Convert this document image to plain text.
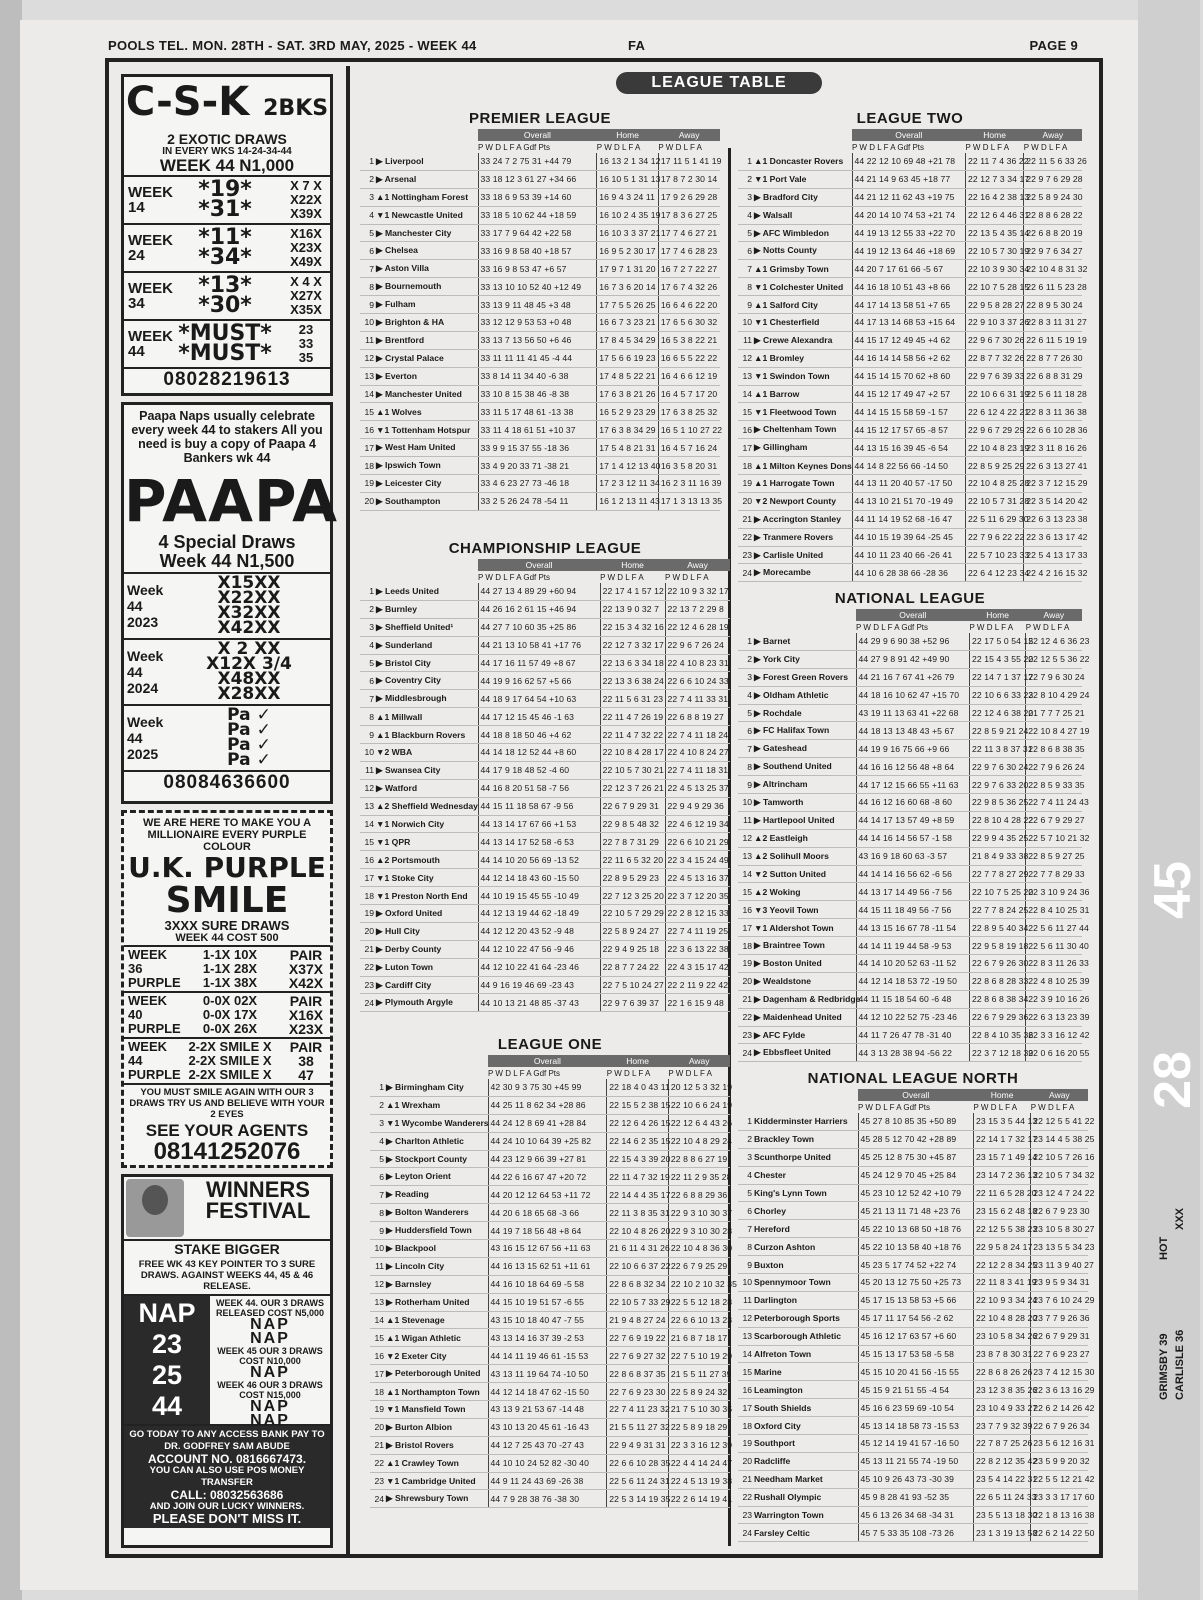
POOLS TEL. MON. 28TH - SAT. 3RD MAY, 2025 - WEEK 44	FA	PAGE 9
C-S-K 2BKS
2 EXOTIC DRAWS
IN EVERY WKS 14-24-34-44
WEEK 44 N1,000
WEEK
14
*19*
*31*
X 7 X
X22X
X39X
WEEK
24
*11*
*34*
X16X
X23X
X49X
WEEK
34
*13*
*30*
X 4 X
X27X
X35X
WEEK
44
*MUST*
*MUST*
23
33
35
08028219613
Paapa Naps usually celebrate every week 44 to stakers All you need is buy a copy of Paapa 4 Bankers wk 44
PAAPA
4 Special Draws
Week 44 N1,500
Week
44
2023
X15XX
X22XX
X32XX
X42XX
Week
44
2024
X 2 XX
X12X 3/4
X48XX
X28XX
Week
44
2025
Pa ✓
Pa ✓
Pa ✓
Pa ✓
08084636600
WE ARE HERE TO MAKE YOU A MILLIONAIRE EVERY PURPLE COLOUR
U.K. PURPLE
SMILE
3XXX SURE DRAWS
WEEK 44 COST 500
WEEK
36
PURPLE
1-1X 10X
1-1X 28X
1-1X 38X
PAIR
X37X
X42X
WEEK
40
PURPLE
0-0X 02X
0-0X 17X
0-0X 26X
PAIR
X16X
X23X
WEEK
44
PURPLE
2-2X SMILE X
2-2X SMILE X
2-2X SMILE X
PAIR
38
47
YOU MUST SMILE AGAIN WITH OUR 3 DRAWS TRY US AND BELIEVE WITH YOUR 2 EYES
SEE YOUR AGENTS
08141252076
WINNERS FESTIVAL
STAKE BIGGER
FREE WK 43 KEY POINTER TO 3 SURE DRAWS. AGAINST WEEKS 44, 45 & 46 RELEASE.
NAP
23
25
44
WEEK 44. OUR 3 DRAWS RELEASED COST N5,000
NAP
NAP
WEEK 45 OUR 3 DRAWS COST N10,000
NAP
WEEK 46 OUR 3 DRAWS COST N15,000
NAP
NAP
GO TODAY TO ANY ACCESS BANK PAY TO DR. GODFREY SAM ABUDE
ACCOUNT NO. 0816667473.
YOU CAN ALSO USE POS MONEY TRANSFER
CALL: 08032563686
AND JOIN OUR LUCKY WINNERS.
PLEASE DON'T MISS IT.
LEAGUE TABLE
PREMIER LEAGUE
		Overall	Home	Away
		P W D L F A Gdf Pts	P W D L F A	P W D L F A
1	▶ Liverpool	33 24 7 2 75 31 +44 79	16 13 2 1 34 12	17 11 5 1 41 19
2	▶ Arsenal	33 18 12 3 61 27 +34 66	16 10 5 1 31 13	17 8 7 2 30 14
3	▲1 Nottingham Forest	33 18 6 9 53 39 +14 60	16 9 4 3 24 11	17 9 2 6 29 28
4	▼1 Newcastle United	33 18 5 10 62 44 +18 59	16 10 2 4 35 19	17 8 3 6 27 25
5	▶ Manchester City	33 17 7 9 64 42 +22 58	16 10 3 3 37 21	17 7 4 6 27 21
6	▶ Chelsea	33 16 9 8 58 40 +18 57	16 9 5 2 30 17	17 7 4 6 28 23
7	▶ Aston Villa	33 16 9 8 53 47 +6 57	17 9 7 1 31 20	16 7 2 7 22 27
8	▶ Bournemouth	33 13 10 10 52 40 +12 49	16 7 3 6 20 14	17 6 7 4 32 26
9	▶ Fulham	33 13 9 11 48 45 +3 48	17 7 5 5 26 25	16 6 4 6 22 20
10	▶ Brighton & HA	33 12 12 9 53 53 +0 48	16 6 7 3 23 21	17 6 5 6 30 32
11	▶ Brentford	33 13 7 13 56 50 +6 46	17 8 4 5 34 29	16 5 3 8 22 21
12	▶ Crystal Palace	33 11 11 11 41 45 -4 44	17 5 6 6 19 23	16 6 5 5 22 22
13	▶ Everton	33 8 14 11 34 40 -6 38	17 4 8 5 22 21	16 4 6 6 12 19
14	▶ Manchester United	33 10 8 15 38 46 -8 38	17 6 3 8 21 26	16 4 5 7 17 20
15	▲1 Wolves	33 11 5 17 48 61 -13 38	16 5 2 9 23 29	17 6 3 8 25 32
16	▼1 Tottenham Hotspur	33 11 4 18 61 51 +10 37	17 6 3 8 34 29	16 5 1 10 27 22
17	▶ West Ham United	33 9 9 15 37 55 -18 36	17 5 4 8 21 31	16 4 5 7 16 24
18	▶ Ipswich Town	33 4 9 20 33 71 -38 21	17 1 4 12 13 40	16 3 5 8 20 31
19	▶ Leicester City	33 4 6 23 27 73 -46 18	17 2 3 12 11 34	16 2 3 11 16 39
20	▶ Southampton	33 2 5 26 24 78 -54 11	16 1 2 13 11 43	17 1 3 13 13 35
CHAMPIONSHIP LEAGUE
		Overall	Home	Away
		P W D L F A Gdf Pts	P W D L F A	P W D L F A
1	▶ Leeds United	44 27 13 4 89 29 +60 94	22 17 4 1 57 12	22 10 9 3 32 17
2	▶ Burnley	44 26 16 2 61 15 +46 94	22 13 9 0 32 7	22 13 7 2 29 8
3	▶ Sheffield United¹	44 27 7 10 60 35 +25 86	22 15 3 4 32 16	22 12 4 6 28 19
4	▶ Sunderland	44 21 13 10 58 41 +17 76	22 12 7 3 32 17	22 9 6 7 26 24
5	▶ Bristol City	44 17 16 11 57 49 +8 67	22 13 6 3 34 18	22 4 10 8 23 31
6	▶ Coventry City	44 19 9 16 62 57 +5 66	22 13 3 6 38 24	22 6 6 10 24 33
7	▶ Middlesbrough	44 18 9 17 64 54 +10 63	22 11 5 6 31 23	22 7 4 11 33 31
8	▲1 Millwall	44 17 12 15 45 46 -1 63	22 11 4 7 26 19	22 6 8 8 19 27
9	▲1 Blackburn Rovers	44 18 8 18 50 46 +4 62	22 11 4 7 32 22	22 7 4 11 18 24
10	▼2 WBA	44 14 18 12 52 44 +8 60	22 10 8 4 28 17	22 4 10 8 24 27
11	▶ Swansea City	44 17 9 18 48 52 -4 60	22 10 5 7 30 21	22 7 4 11 18 31
12	▶ Watford	44 16 8 20 51 58 -7 56	22 12 3 7 26 21	22 4 5 13 25 37
13	▲2 Sheffield Wednesday	44 15 11 18 58 67 -9 56	22 6 7 9 29 31	22 9 4 9 29 36
14	▼1 Norwich City	44 13 14 17 67 66 +1 53	22 9 8 5 48 32	22 4 6 12 19 34
15	▼1 QPR	44 13 14 17 52 58 -6 53	22 7 8 7 31 29	22 6 6 10 21 29
16	▲2 Portsmouth	44 14 10 20 56 69 -13 52	22 11 6 5 32 20	22 3 4 15 24 49
17	▼1 Stoke City	44 12 14 18 43 60 -15 50	22 8 9 5 29 23	22 4 5 13 16 37
18	▼1 Preston North End	44 10 19 15 45 55 -10 49	22 7 12 3 25 20	22 3 7 12 20 35
19	▶ Oxford United	44 12 13 19 44 62 -18 49	22 10 5 7 29 29	22 2 8 12 15 33
20	▶ Hull City	44 12 12 20 43 52 -9 48	22 5 8 9 24 27	22 7 4 11 19 25
21	▶ Derby County	44 12 10 22 47 56 -9 46	22 9 4 9 25 18	22 3 6 13 22 38
22	▶ Luton Town	44 12 10 22 41 64 -23 46	22 8 7 7 24 22	22 4 3 15 17 42
23	▶ Cardiff City	44 9 16 19 46 69 -23 43	22 7 5 10 24 27	22 2 11 9 22 42
24	▶ Plymouth Argyle	44 10 13 21 48 85 -37 43	22 9 7 6 39 37	22 1 6 15 9 48
LEAGUE ONE
		Overall	Home	Away
		P W D L F A Gdf Pts	P W D L F A	P W D L F A
1	▶ Birmingham City	42 30 9 3 75 30 +45 99	22 18 4 0 43 11	20 12 5 3 32 19
2	▲1 Wrexham	44 25 11 8 62 34 +28 86	22 15 5 2 38 15	22 10 6 6 24 19
3	▼1 Wycombe Wanderers	44 24 12 8 69 41 +28 84	22 12 6 4 26 15	22 12 6 4 43 26
4	▶ Charlton Athletic	44 24 10 10 64 39 +25 82	22 14 6 2 35 15	22 10 4 8 29 24
5	▶ Stockport County	44 23 12 9 66 39 +27 81	22 15 4 3 39 20	22 8 8 6 27 19
6	▶ Leyton Orient	44 22 6 16 67 47 +20 72	22 11 4 7 32 19	22 11 2 9 35 28
7	▶ Reading	44 20 12 12 64 53 +11 72	22 14 4 4 35 17	22 6 8 8 29 36
8	▶ Bolton Wanderers	44 20 6 18 65 68 -3 66	22 11 3 8 35 31	22 9 3 10 30 37
9	▶ Huddersfield Town	44 19 7 18 56 48 +8 64	22 10 4 8 26 20	22 9 3 10 30 28
10	▶ Blackpool	43 16 15 12 67 56 +11 63	21 6 11 4 31 26	22 10 4 8 36 30
11	▶ Lincoln City	44 16 13 15 62 51 +11 61	22 10 6 6 37 22	22 6 7 9 25 29
12	▶ Barnsley	44 16 10 18 64 69 -5 58	22 8 6 8 32 34	22 10 2 10 32 35
13	▶ Rotherham United	44 15 10 19 51 57 -6 55	22 10 5 7 33 29	22 5 5 12 18 28
14	▲1 Stevenage	43 15 10 18 40 47 -7 55	21 9 4 8 27 24	22 6 6 10 13 23
15	▲1 Wigan Athletic	43 13 14 16 37 39 -2 53	22 7 6 9 19 22	21 6 8 7 18 17
16	▼2 Exeter City	44 14 11 19 46 61 -15 53	22 7 6 9 27 32	22 7 5 10 19 29
17	▶ Peterborough United	43 13 11 19 64 74 -10 50	22 8 6 8 37 35	21 5 5 11 27 39
18	▲1 Northampton Town	44 12 14 18 47 62 -15 50	22 7 6 9 23 30	22 5 8 9 24 32
19	▼1 Mansfield Town	43 13 9 21 53 67 -14 48	22 7 4 11 23 32	21 7 5 10 30 35
20	▶ Burton Albion	43 10 13 20 45 61 -16 43	21 5 5 11 27 32	22 5 8 9 18 29
21	▶ Bristol Rovers	44 12 7 25 43 70 -27 43	22 9 4 9 31 31	22 3 3 16 12 39
22	▲1 Crawley Town	44 10 10 24 52 82 -30 40	22 6 6 10 28 35	22 4 4 14 24 47
23	▼1 Cambridge United	44 9 11 24 43 69 -26 38	22 5 6 11 24 31	22 4 5 13 19 38
24	▶ Shrewsbury Town	44 7 9 28 38 76 -38 30	22 5 3 14 19 35	22 2 6 14 19 41
LEAGUE TWO
		Overall	Home	Away
		P W D L F A Gdf Pts	P W D L F A	P W D L F A
1	▲1 Doncaster Rovers	44 22 12 10 69 48 +21 78	22 11 7 4 36 22	22 11 5 6 33 26
2	▼1 Port Vale	44 21 14 9 63 45 +18 77	22 12 7 3 34 17	22 9 7 6 29 28
3	▶ Bradford City	44 21 12 11 62 43 +19 75	22 16 4 2 38 13	22 5 8 9 24 30
4	▶ Walsall	44 20 14 10 74 53 +21 74	22 12 6 4 46 31	22 8 8 6 28 22
5	▶ AFC Wimbledon	44 19 13 12 55 33 +22 70	22 13 5 4 35 14	22 6 8 8 20 19
6	▶ Notts County	44 19 12 13 64 46 +18 69	22 10 5 7 30 19	22 9 7 6 34 27
7	▲1 Grimsby Town	44 20 7 17 61 66 -5 67	22 10 3 9 30 34	22 10 4 8 31 32
8	▼1 Colchester United	44 16 18 10 51 43 +8 66	22 10 7 5 28 15	22 6 11 5 23 28
9	▲1 Salford City	44 17 14 13 58 51 +7 65	22 9 5 8 28 27	22 8 9 5 30 24
10	▼1 Chesterfield	44 17 13 14 68 53 +15 64	22 9 10 3 37 26	22 8 3 11 31 27
11	▶ Crewe Alexandra	44 15 17 12 49 45 +4 62	22 9 6 7 30 26	22 6 11 5 19 19
12	▲1 Bromley	44 16 14 14 58 56 +2 62	22 8 7 7 32 26	22 8 7 7 26 30
13	▼1 Swindon Town	44 15 14 15 70 62 +8 60	22 9 7 6 39 33	22 6 8 8 31 29
14	▲1 Barrow	44 15 12 17 49 47 +2 57	22 10 6 6 31 19	22 5 6 11 18 28
15	▼1 Fleetwood Town	44 14 15 15 58 59 -1 57	22 6 12 4 22 21	22 8 3 11 36 38
16	▶ Cheltenham Town	44 15 12 17 57 65 -8 57	22 9 6 7 29 29	22 6 6 10 28 36
17	▶ Gillingham	44 13 15 16 39 45 -6 54	22 10 4 8 23 19	22 3 11 8 16 26
18	▲1 Milton Keynes Dons	44 14 8 22 56 66 -14 50	22 8 5 9 25 29	22 6 3 13 27 41
19	▲1 Harrogate Town	44 13 11 20 40 57 -17 50	22 10 4 8 25 28	22 3 7 12 15 29
20	▼2 Newport County	44 13 10 21 51 70 -19 49	22 10 5 7 31 28	22 3 5 14 20 42
21	▶ Accrington Stanley	44 11 14 19 52 68 -16 47	22 5 11 6 29 30	22 6 3 13 23 38
22	▶ Tranmere Rovers	44 10 15 19 39 64 -25 45	22 7 9 6 22 22	22 3 6 13 17 42
23	▶ Carlisle United	44 10 11 23 40 66 -26 41	22 5 7 10 23 33	22 5 4 13 17 33
24	▶ Morecambe	44 10 6 28 38 66 -28 36	22 6 4 12 23 34	22 4 2 16 15 32
NATIONAL LEAGUE
		Overall	Home	Away
		P W D L F A Gdf Pts	P W D L F A	P W D L F A
1	▶ Barnet	44 29 9 6 90 38 +52 96	22 17 5 0 54 15	22 12 4 6 36 23
2	▶ York City	44 27 9 8 91 42 +49 90	22 15 4 3 55 20	22 12 5 5 36 22
3	▶ Forest Green Rovers	44 21 16 7 67 41 +26 79	22 14 7 1 37 17	22 7 9 6 30 24
4	▶ Oldham Athletic	44 18 16 10 62 47 +15 70	22 10 6 6 33 23	22 8 10 4 29 24
5	▶ Rochdale	43 19 11 13 63 41 +22 68	22 12 4 6 38 20	21 7 7 7 25 21
6	▶ FC Halifax Town	44 18 13 13 48 43 +5 67	22 8 5 9 21 24	22 10 8 4 27 19
7	▶ Gateshead	44 19 9 16 75 66 +9 66	22 11 3 8 37 31	22 8 6 8 38 35
8	▶ Southend United	44 16 16 12 56 48 +8 64	22 9 7 6 30 24	22 7 9 6 26 24
9	▶ Altrincham	44 17 12 15 66 55 +11 63	22 9 7 6 33 20	22 8 5 9 33 35
10	▶ Tamworth	44 16 12 16 60 68 -8 60	22 9 8 5 36 25	22 7 4 11 24 43
11	▶ Hartlepool United	44 14 17 13 57 49 +8 59	22 8 10 4 28 22	22 6 7 9 29 27
12	▲2 Eastleigh	44 14 16 14 56 57 -1 58	22 9 9 4 35 25	22 5 7 10 21 32
13	▲2 Solihull Moors	43 16 9 18 60 63 -3 57	21 8 4 9 33 38	22 8 5 9 27 25
14	▼2 Sutton United	44 14 14 16 56 62 -6 56	22 7 7 8 27 29	22 7 7 8 29 33
15	▲2 Woking	44 13 17 14 49 56 -7 56	22 10 7 5 25 20	22 3 10 9 24 36
16	▼3 Yeovil Town	44 15 11 18 49 56 -7 56	22 7 7 8 24 25	22 8 4 10 25 31
17	▼1 Aldershot Town	44 13 15 16 67 78 -11 54	22 8 9 5 40 34	22 5 6 11 27 44
18	▶ Braintree Town	44 14 11 19 44 58 -9 53	22 9 5 8 19 18	22 5 6 11 30 40
19	▶ Boston United	44 14 10 20 52 63 -11 52	22 6 7 9 26 30	22 8 3 11 26 33
20	▶ Wealdstone	44 12 14 18 53 72 -19 50	22 8 6 8 28 33	22 4 8 10 25 39
21	▶ Dagenham & Redbridge	44 11 15 18 54 60 -6 48	22 8 6 8 38 34	22 3 9 10 16 26
22	▶ Maidenhead United	44 12 10 22 52 75 -23 46	22 6 7 9 29 36	22 6 3 13 23 39
23	▶ AFC Fylde	44 11 7 26 47 78 -31 40	22 8 4 10 35 36	22 3 3 16 12 42
24	▶ Ebbsfleet United	44 3 13 28 38 94 -56 22	22 3 7 12 18 39	22 0 6 16 20 55
NATIONAL LEAGUE NORTH
		Overall	Home	Away
		P W D L F A Gdf Pts	P W D L F A	P W D L F A
1	Kidderminster Harriers	45 27 8 10 85 35 +50 89	23 15 3 5 44 13	22 12 5 5 41 22
2	Brackley Town	45 28 5 12 70 42 +28 89	22 14 1 7 32 17	23 14 4 5 38 25
3	Scunthorpe United	45 25 12 8 75 30 +45 87	23 15 7 1 49 14	22 10 5 7 26 16
4	Chester	45 24 12 9 70 45 +25 84	23 14 7 2 36 13	22 10 5 7 34 32
5	King's Lynn Town	45 23 10 12 52 42 +10 79	22 11 6 5 28 20	23 12 4 7 24 22
6	Chorley	45 21 13 11 71 48 +23 76	23 15 6 2 48 18	22 6 7 9 23 30
7	Hereford	45 22 10 13 68 50 +18 76	22 12 5 5 38 23	23 10 5 8 30 27
8	Curzon Ashton	45 22 10 13 58 40 +18 76	22 9 5 8 24 17	23 13 5 5 34 23
9	Buxton	45 23 5 17 74 52 +22 74	22 12 2 8 34 25	23 11 3 9 40 27
10	Spennymoor Town	45 20 13 12 75 50 +25 73	22 11 8 3 41 19	23 9 5 9 34 31
11	Darlington	45 17 15 13 58 53 +5 66	22 10 9 3 34 24	23 7 6 10 24 29
12	Peterborough Sports	45 17 11 17 54 56 -2 62	22 10 4 8 28 20	23 7 7 9 26 36
13	Scarborough Athletic	45 16 12 17 63 57 +6 60	23 10 5 8 34 26	22 6 7 9 29 31
14	Alfreton Town	45 15 13 17 53 58 -5 58	23 8 7 8 30 31	22 7 6 9 23 27
15	Marine	45 15 10 20 41 56 -15 55	22 8 6 8 26 26	23 7 4 12 15 30
16	Leamington	45 15 9 21 51 55 -4 54	23 12 3 8 35 26	22 3 6 13 16 29
17	South Shields	45 16 6 23 59 69 -10 54	23 10 4 9 33 27	22 6 2 14 26 42
18	Oxford City	45 13 14 18 58 73 -15 53	23 7 7 9 32 39	22 6 7 9 26 34
19	Southport	45 12 14 19 41 57 -16 50	22 7 8 7 25 26	23 5 6 12 16 31
20	Radcliffe	45 13 11 21 55 74 -19 50	22 8 2 12 35 42	23 5 9 9 20 32
21	Needham Market	45 10 9 26 43 73 -30 39	23 5 4 14 22 31	22 5 5 12 21 42
22	Rushall Olympic	45 9 8 28 41 93 -52 35	22 6 5 11 24 33	23 3 3 17 17 60
23	Warrington Town	45 6 13 26 34 68 -34 31	23 5 5 13 18 30	22 1 8 13 16 38
24	Farsley Celtic	45 7 5 33 35 108 -73 26	23 1 3 19 13 58	22 6 2 14 22 50
45
28
HOT
XXX
GRIMSBY 39
CARLISLE 36
